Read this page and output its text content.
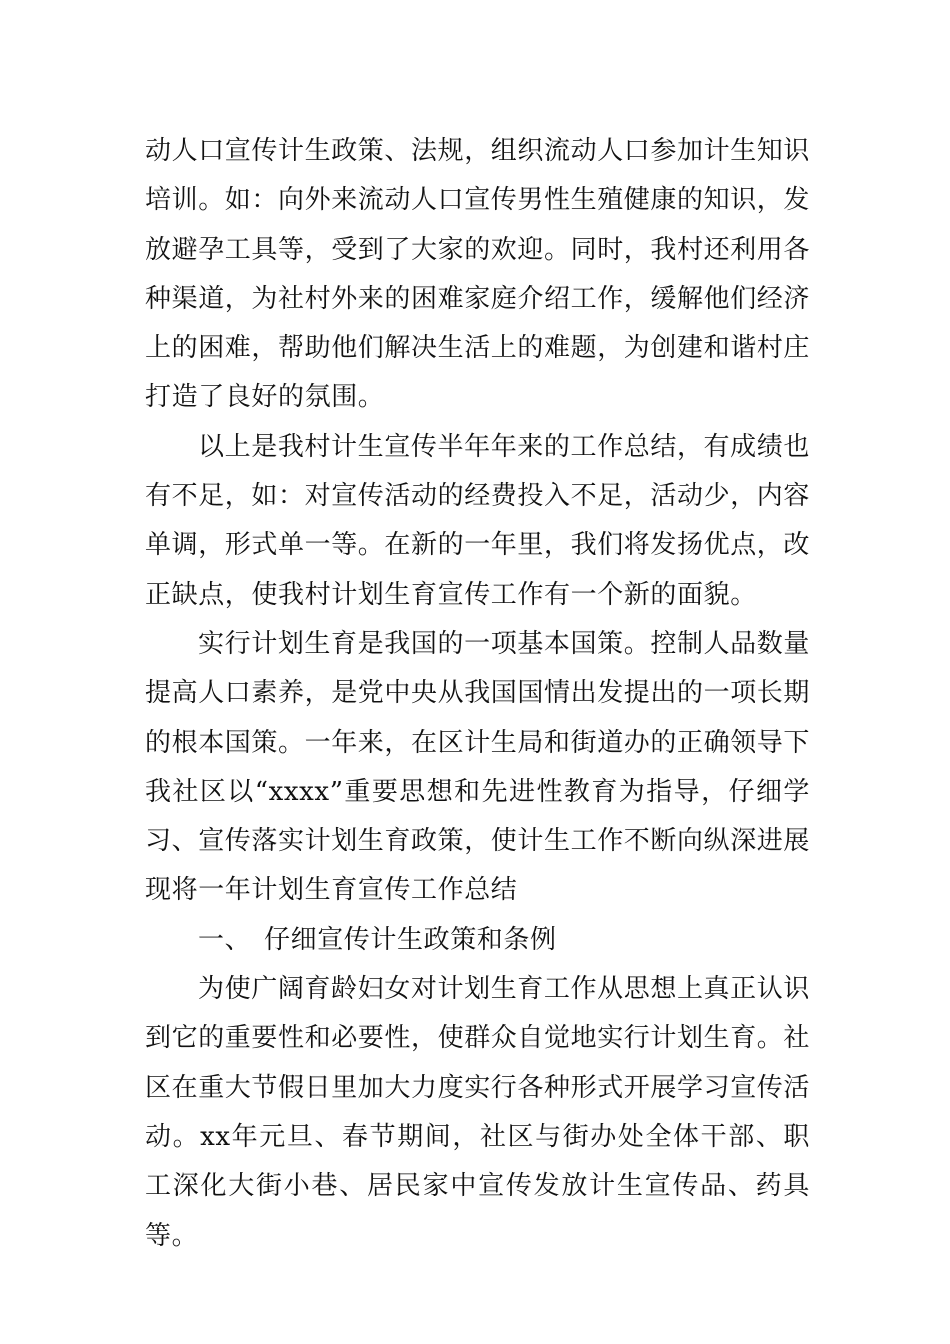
动人口宣传计生政策、法规，组织流动人口参加计生知识培训。如：向外来流动人口宣传男性生殖健康的知识，发放避孕工具等，受到了大家的欢迎。同时，我村还利用各种渠道，为社村外来的困难家庭介绍工作，缓解他们经济上的困难，帮助他们解决生活上的难题，为创建和谐村庄打造了良好的氛围。

以上是我村计生宣传半年年来的工作总结，有成绩也有不足，如：对宣传活动的经费投入不足，活动少，内容单调，形式单一等。在新的一年里，我们将发扬优点，改正缺点，使我村计划生育宣传工作有一个新的面貌。

实行计划生育是我国的一项基本国策。控制人品数量提高人口素养，是党中央从我国国情出发提出的一项长期的根本国策。一年来，在区计生局和街道办的正确领导下我社区以“xxxx”重要思想和先进性教育为指导，仔细学习、宣传落实计划生育政策，使计生工作不断向纵深进展现将一年计划生育宣传工作总结

一、 仔细宣传计生政策和条例

为使广阔育龄妇女对计划生育工作从思想上真正认识到它的重要性和必要性，使群众自觉地实行计划生育。社区在重大节假日里加大力度实行各种形式开展学习宣传活动。xx年元旦、春节期间，社区与街办处全体干部、职工深化大街小巷、居民家中宣传发放计生宣传品、药具等。
